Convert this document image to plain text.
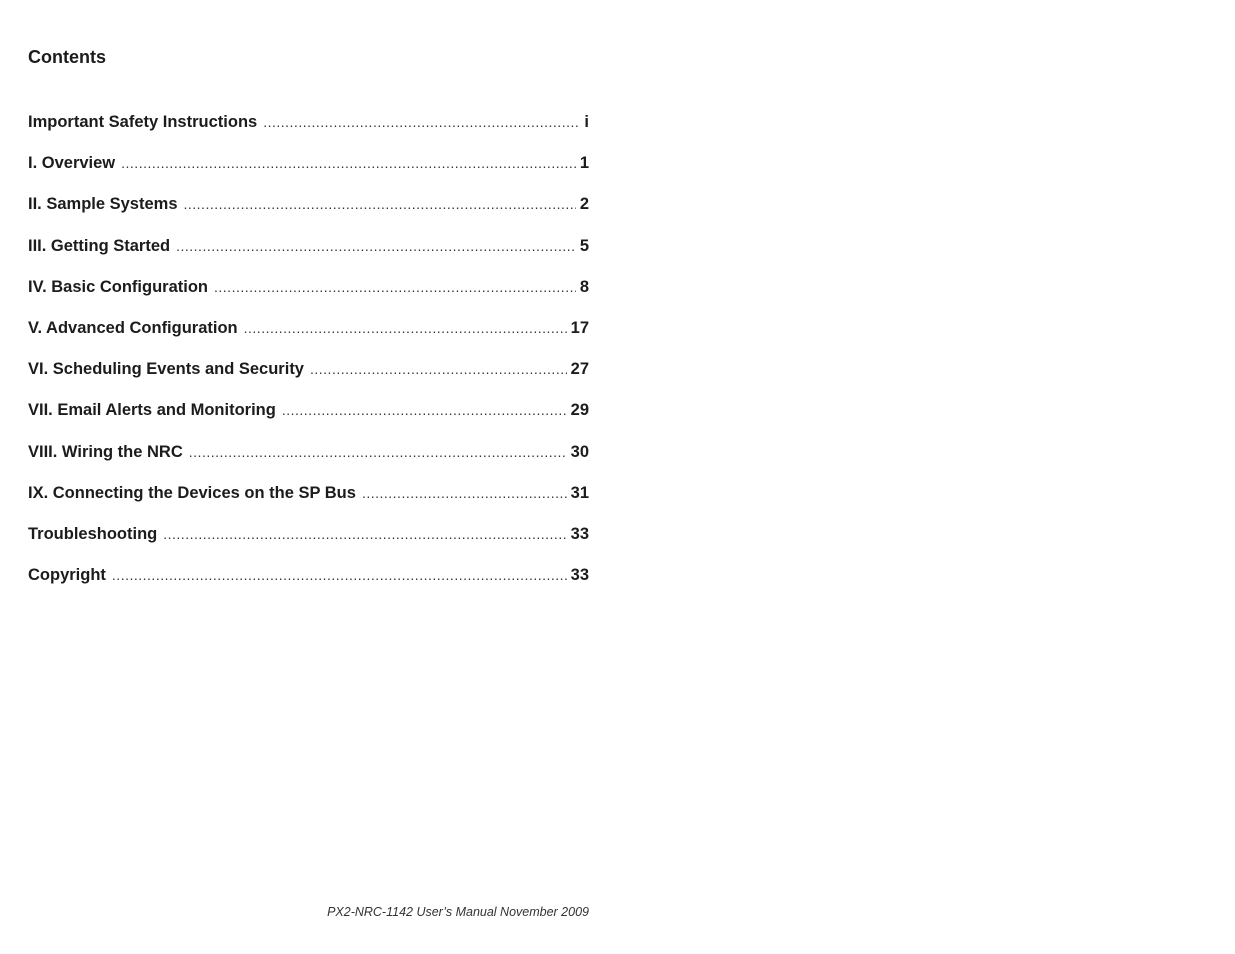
Contents
Important Safety Instructions .....	i
I. Overview .....	1
II. Sample Systems .....	2
III. Getting Started .....	5
IV. Basic Configuration .....	8
V. Advanced Configuration .....	17
VI. Scheduling Events and Security .....	27
VII. Email Alerts and Monitoring .....	29
VIII. Wiring the NRC .....	30
IX. Connecting the Devices on the SP Bus .....	31
Troubleshooting .....	33
Copyright .....	33
PX2-NRC-1142 User’s Manual November 2009
